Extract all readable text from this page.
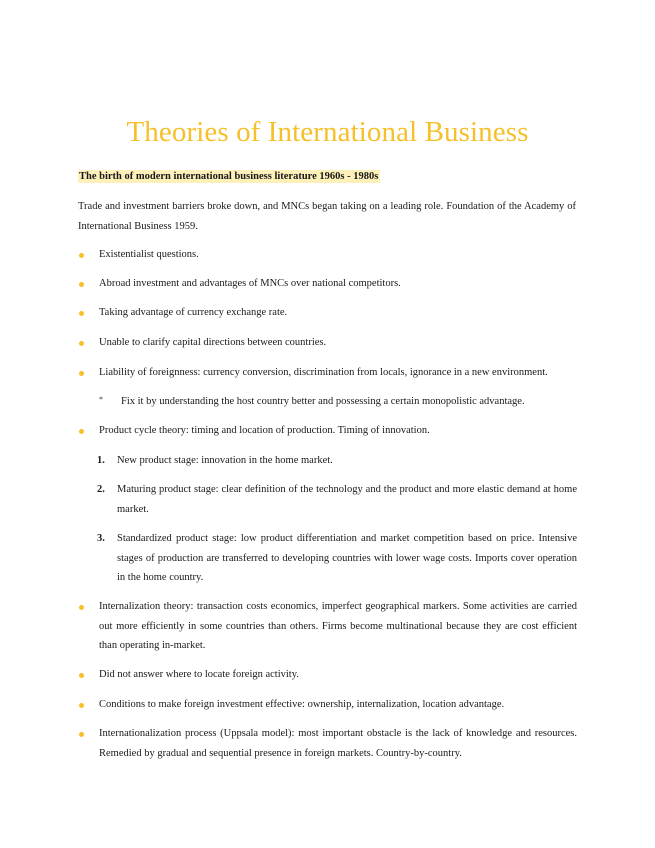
Theories of International Business

The birth of modern international business literature 1960s - 1980s

Trade and investment barriers broke down, and MNCs began taking on a leading role. Foundation of the Academy of International Business 1959.

Existentialist questions.

Abroad investment and advantages of MNCs over national competitors.

Taking advantage of currency exchange rate.

Unable to clarify capital directions between countries.

Liability of foreignness: currency conversion, discrimination from locals, ignorance in a new environment.

* Fix it by understanding the host country better and possessing a certain monopolistic advantage.

Product cycle theory: timing and location of production. Timing of innovation.

1. New product stage: innovation in the home market.

2. Maturing product stage: clear definition of the technology and the product and more elastic demand at home market.

3. Standardized product stage: low product differentiation and market competition based on price. Intensive stages of production are transferred to developing countries with lower wage costs. Imports cover operation in the home country.

Internalization theory: transaction costs economics, imperfect geographical markers. Some activities are carried out more efficiently in some countries than others. Firms become multinational because they are cost efficient than operating in-market.

Did not answer where to locate foreign activity.

Conditions to make foreign investment effective: ownership, internalization, location advantage.

Internationalization process (Uppsala model): most important obstacle is the lack of knowledge and resources. Remedied by gradual and sequential presence in foreign markets. Country-by-country.
